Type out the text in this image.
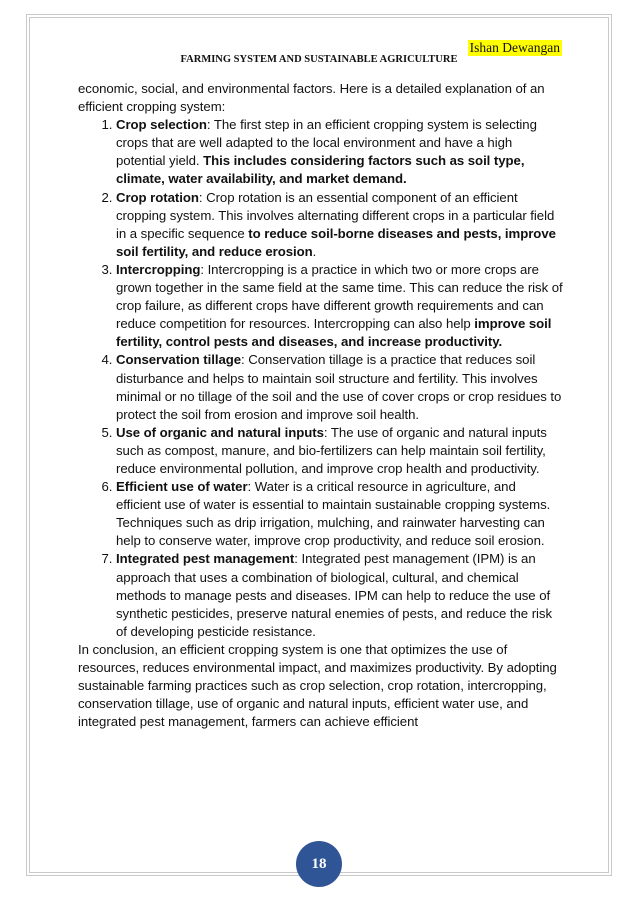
Ishan Dewangan
FARMING SYSTEM AND SUSTAINABLE AGRICULTURE

economic, social, and environmental factors. Here is a detailed explanation of an efficient cropping system:

1. Crop selection: The first step in an efficient cropping system is selecting crops that are well adapted to the local environment and have a high potential yield. This includes considering factors such as soil type, climate, water availability, and market demand.
2. Crop rotation: Crop rotation is an essential component of an efficient cropping system. This involves alternating different crops in a particular field in a specific sequence to reduce soil-borne diseases and pests, improve soil fertility, and reduce erosion.
3. Intercropping: Intercropping is a practice in which two or more crops are grown together in the same field at the same time. This can reduce the risk of crop failure, as different crops have different growth requirements and can reduce competition for resources. Intercropping can also help improve soil fertility, control pests and diseases, and increase productivity.
4. Conservation tillage: Conservation tillage is a practice that reduces soil disturbance and helps to maintain soil structure and fertility. This involves minimal or no tillage of the soil and the use of cover crops or crop residues to protect the soil from erosion and improve soil health.
5. Use of organic and natural inputs: The use of organic and natural inputs such as compost, manure, and bio-fertilizers can help maintain soil fertility, reduce environmental pollution, and improve crop health and productivity.
6. Efficient use of water: Water is a critical resource in agriculture, and efficient use of water is essential to maintain sustainable cropping systems. Techniques such as drip irrigation, mulching, and rainwater harvesting can help to conserve water, improve crop productivity, and reduce soil erosion.
7. Integrated pest management: Integrated pest management (IPM) is an approach that uses a combination of biological, cultural, and chemical methods to manage pests and diseases. IPM can help to reduce the use of synthetic pesticides, preserve natural enemies of pests, and reduce the risk of developing pesticide resistance.

In conclusion, an efficient cropping system is one that optimizes the use of resources, reduces environmental impact, and maximizes productivity. By adopting sustainable farming practices such as crop selection, crop rotation, intercropping, conservation tillage, use of organic and natural inputs, efficient water use, and integrated pest management, farmers can achieve efficient

18
